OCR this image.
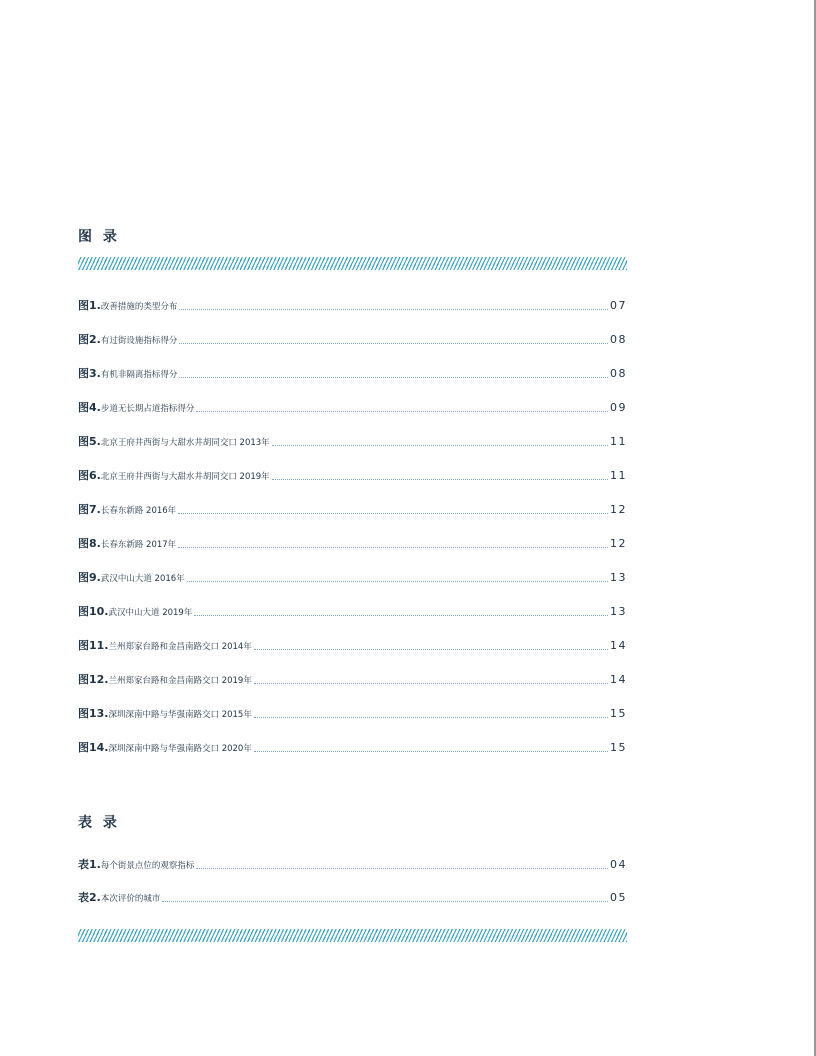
图 录
图1. 改善措施的类型分布	07
图2. 有过街设施指标得分	08
图3. 有机非隔离指标得分	08
图4. 步道无长期占道指标得分	09
图5. 北京王府井西街与大甜水井胡同交口 2013年	11
图6. 北京王府井西街与大甜水井胡同交口 2019年	11
图7. 长春东新路 2016年	12
图8. 长春东新路 2017年	12
图9. 武汉中山大道 2016年	13
图10. 武汉中山大道 2019年	13
图11. 兰州郑家台路和金昌南路交口 2014年	14
图12. 兰州郑家台路和金昌南路交口 2019年	14
图13. 深圳深南中路与华强南路交口 2015年	15
图14. 深圳深南中路与华强南路交口 2020年	15
表 录
表1. 每个街景点位的观察指标	04
表2. 本次评价的城市	05
